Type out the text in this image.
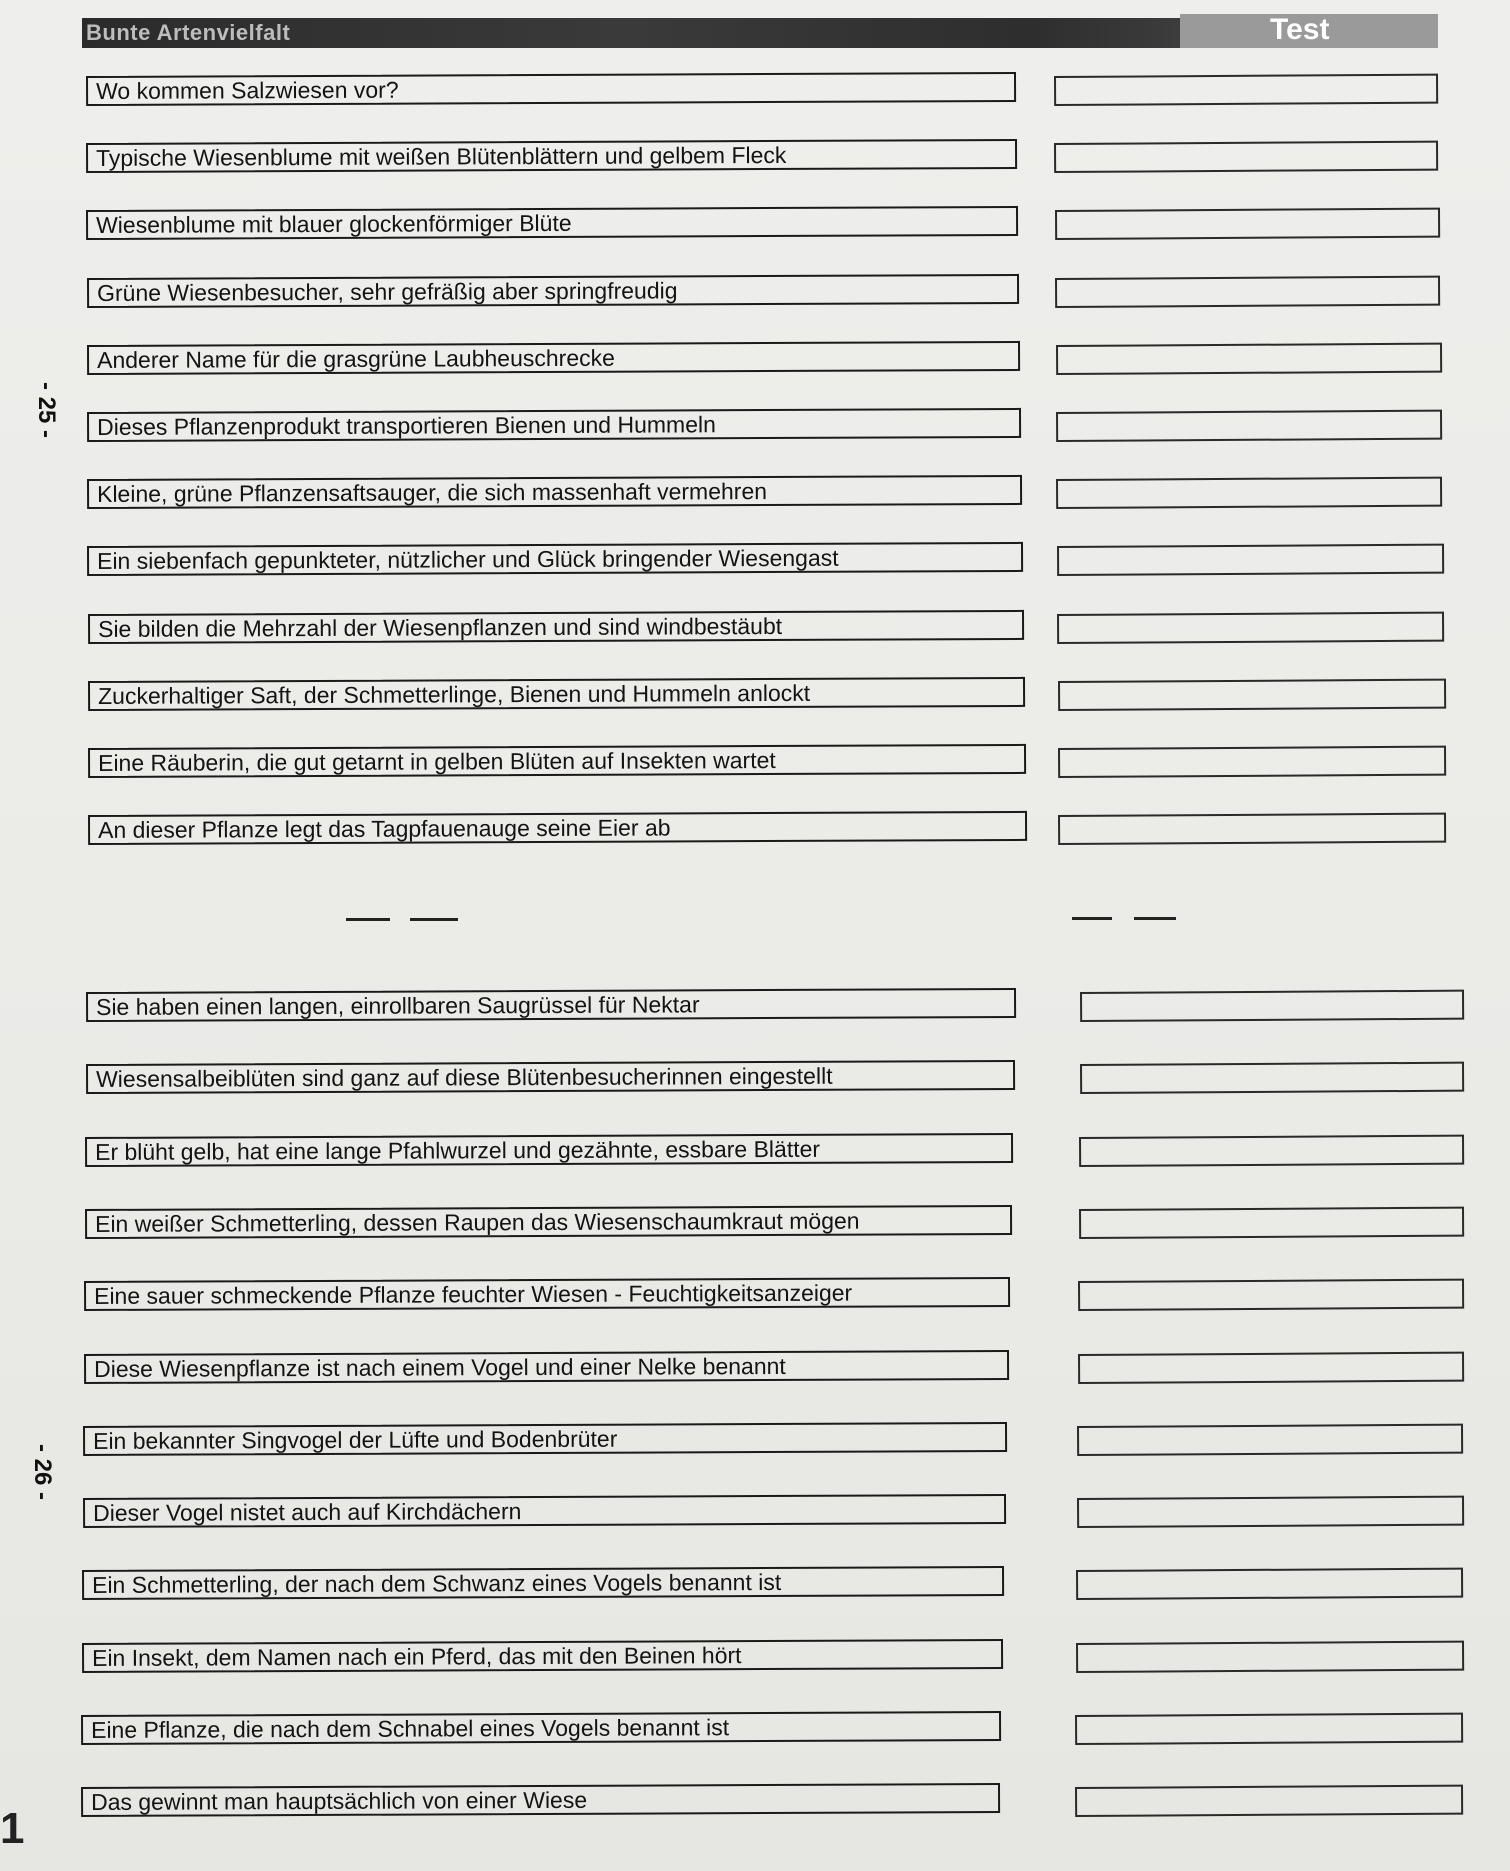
Bunte Artenvielfalt	Test
- 25 -
- 26 -
Wo kommen Salzwiesen vor?
Typische Wiesenblume mit weißen Blütenblättern und gelbem Fleck
Wiesenblume mit blauer glockenförmiger Blüte
Grüne Wiesenbesucher, sehr gefräßig aber springfreudig
Anderer Name für die grasgrüne Laubheuschrecke
Dieses Pflanzenprodukt transportieren Bienen und Hummeln
Kleine, grüne Pflanzensaftsauger, die sich massenhaft vermehren
Ein siebenfach gepunkteter, nützlicher und Glück bringender Wiesengast
Sie bilden die Mehrzahl der Wiesenpflanzen und sind windbestäubt
Zuckerhaltiger Saft, der Schmetterlinge, Bienen und Hummeln anlockt
Eine Räuberin, die gut getarnt in gelben Blüten auf Insekten wartet
An dieser Pflanze legt das Tagpfauenauge seine Eier ab
Sie haben einen langen, einrollbaren Saugrüssel für Nektar
Wiesensalbeiblüten sind ganz auf diese Blütenbesucherinnen eingestellt
Er blüht gelb, hat eine lange Pfahlwurzel und gezähnte, essbare Blätter
Ein weißer Schmetterling, dessen Raupen das Wiesenschaumkraut mögen
Eine sauer schmeckende Pflanze feuchter Wiesen - Feuchtigkeitsanzeiger
Diese Wiesenpflanze ist nach einem Vogel und einer Nelke benannt
Ein bekannter Singvogel der Lüfte und Bodenbrüter
Dieser Vogel nistet auch auf Kirchdächern
Ein Schmetterling, der nach dem Schwanz eines Vogels benannt ist
Ein Insekt, dem Namen nach ein Pferd, das mit den Beinen hört
Eine Pflanze, die nach dem Schnabel eines Vogels benannt ist
Das gewinnt man hauptsächlich von einer Wiese
1
